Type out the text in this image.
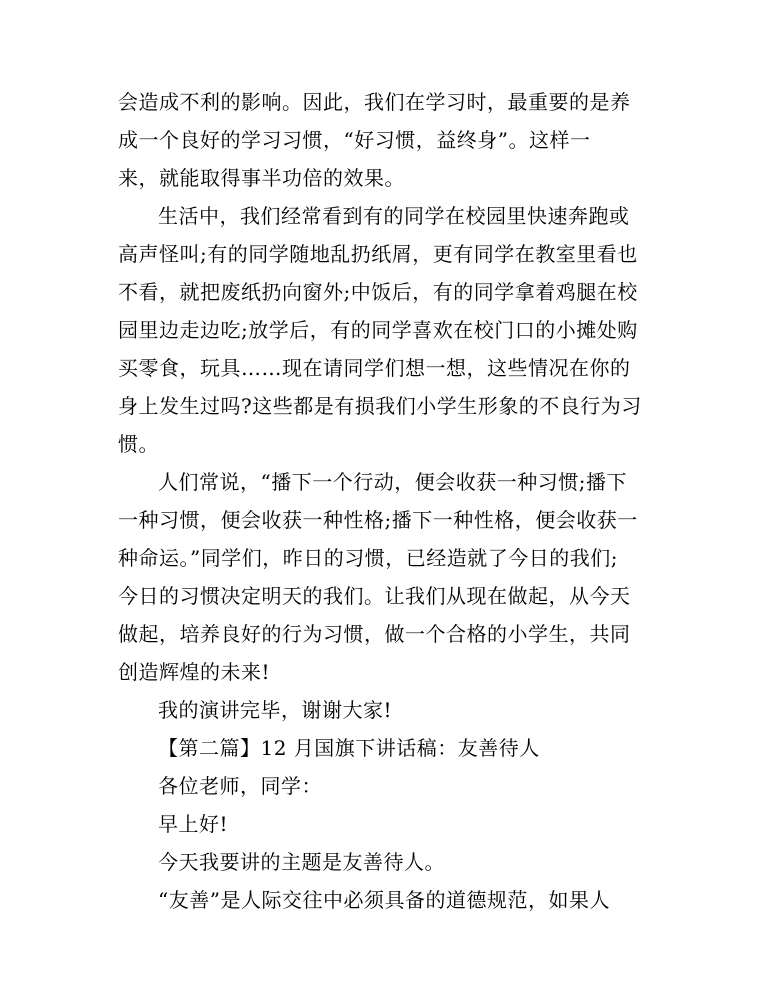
会造成不利的影响。因此，我们在学习时，最重要的是养
成一个良好的学习习惯，“好习惯，益终身”。这样一
来，就能取得事半功倍的效果。
生活中，我们经常看到有的同学在校园里快速奔跑或
高声怪叫;有的同学随地乱扔纸屑，更有同学在教室里看也
不看，就把废纸扔向窗外;中饭后，有的同学拿着鸡腿在校
园里边走边吃;放学后，有的同学喜欢在校门口的小摊处购
买零食，玩具……现在请同学们想一想，这些情况在你的
身上发生过吗?这些都是有损我们小学生形象的不良行为习
惯。
人们常说，“播下一个行动，便会收获一种习惯;播下
一种习惯，便会收获一种性格;播下一种性格，便会收获一
种命运。”同学们，昨日的习惯，已经造就了今日的我们;
今日的习惯决定明天的我们。让我们从现在做起，从今天
做起，培养良好的行为习惯，做一个合格的小学生，共同
创造辉煌的未来!
我的演讲完毕，谢谢大家!
【第二篇】12 月国旗下讲话稿：友善待人
各位老师，同学：
早上好!
今天我要讲的主题是友善待人。
“友善”是人际交往中必须具备的道德规范，如果人
